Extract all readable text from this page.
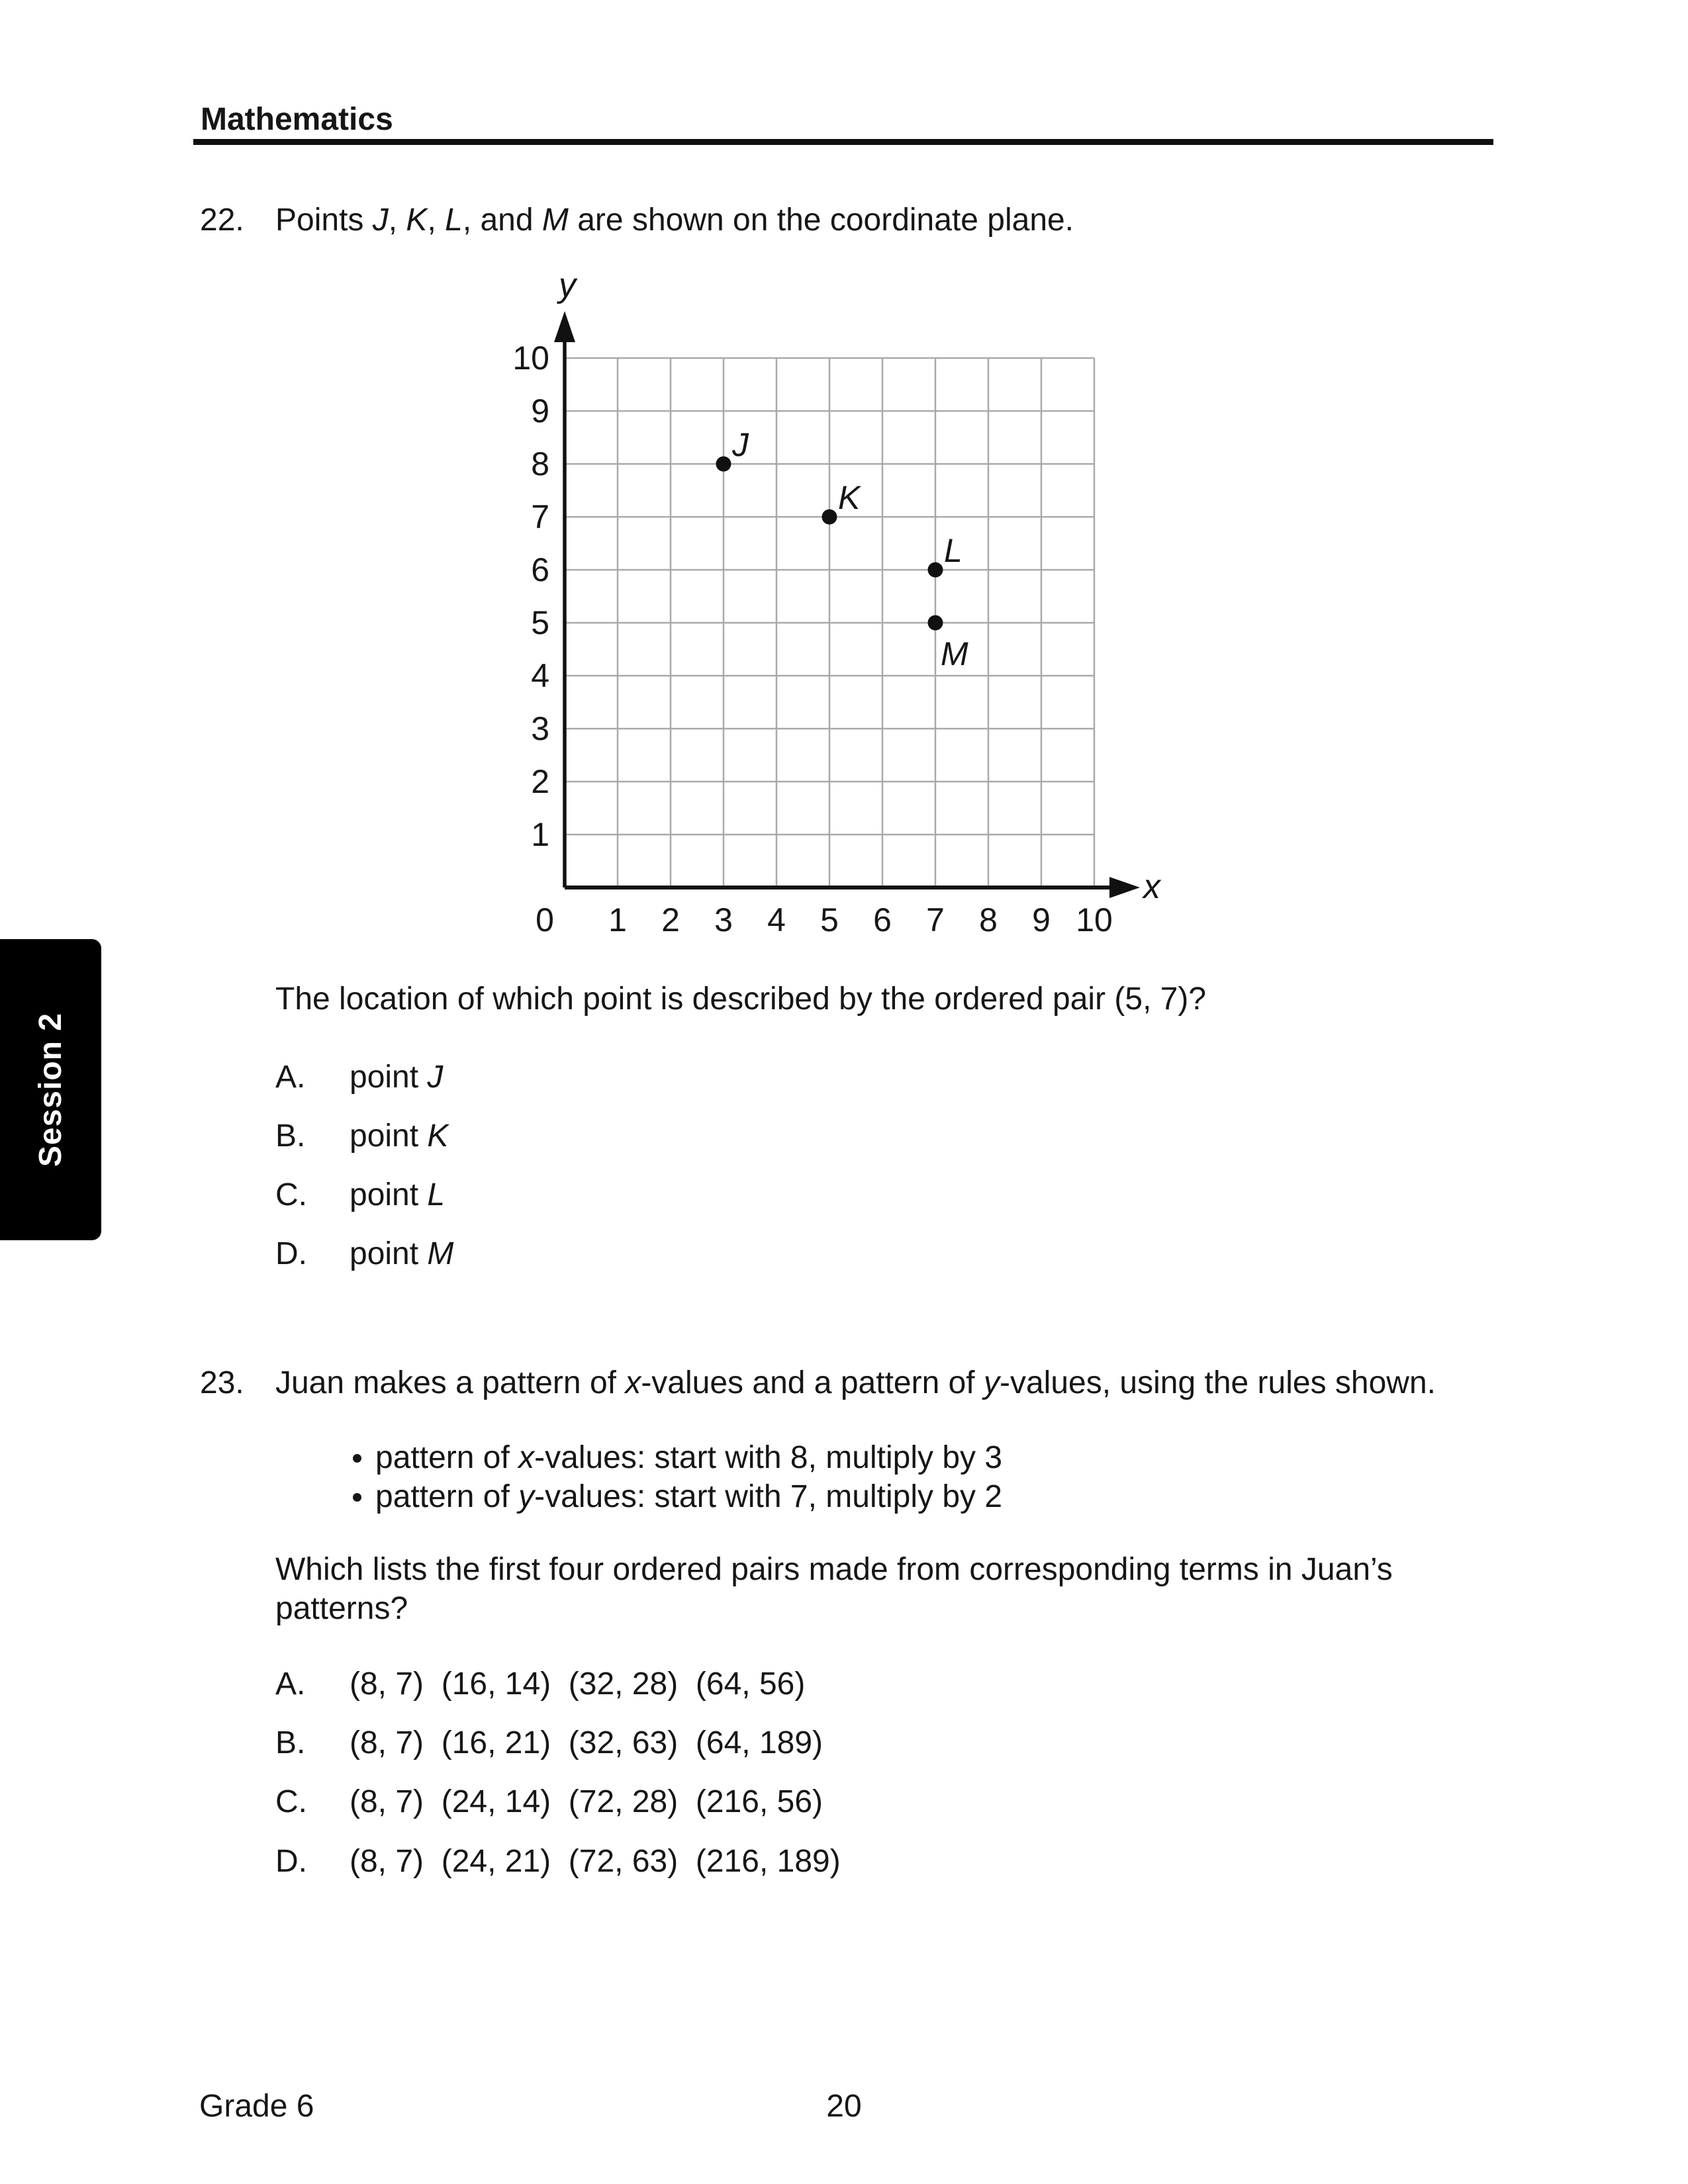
Mathematics
22. Points J, K, L, and M are shown on the coordinate plane.
y
x
0 1 2 3 4 5 6 7 8 9 10
1
2
3
4
5
6
7
8
9
10
J
K
L
M
The location of which point is described by the ordered pair (5, 7)?
A. point J
B. point K
C. point L
D. point M
Session 2
23. Juan makes a pattern of x-values and a pattern of y-values, using the rules shown.
pattern of x-values: start with 8, multiply by 3
pattern of y-values: start with 7, multiply by 2
Which lists the first four ordered pairs made from corresponding terms in Juan’s patterns?
A. (8, 7)  (16, 14)  (32, 28)  (64, 56)
B. (8, 7)  (16, 21)  (32, 63)  (64, 189)
C. (8, 7)  (24, 14)  (72, 28)  (216, 56)
D. (8, 7)  (24, 21)  (72, 63)  (216, 189)
Grade 6	20
